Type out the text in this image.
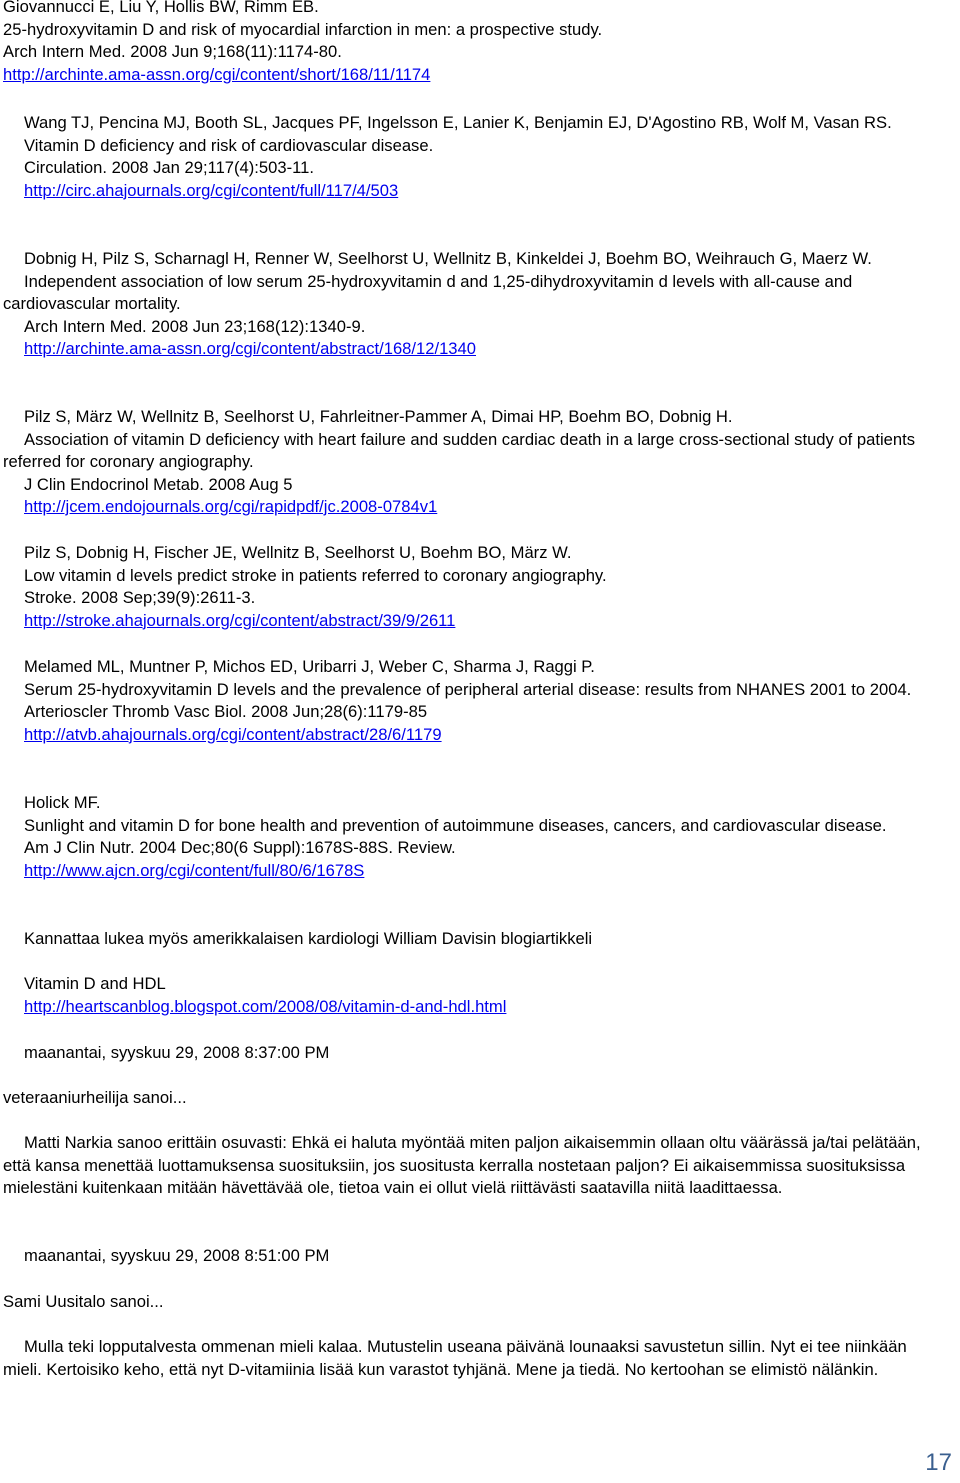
Giovannucci E, Liu Y, Hollis BW, Rimm EB.
25-hydroxyvitamin D and risk of myocardial infarction in men: a prospective study.
Arch Intern Med. 2008 Jun 9;168(11):1174-80.
http://archinte.ama-assn.org/cgi/content/short/168/11/1174
Wang TJ, Pencina MJ, Booth SL, Jacques PF, Ingelsson E, Lanier K, Benjamin EJ, D'Agostino RB, Wolf M, Vasan RS.
Vitamin D deficiency and risk of cardiovascular disease.
Circulation. 2008 Jan 29;117(4):503-11.
http://circ.ahajournals.org/cgi/content/full/117/4/503
Dobnig H, Pilz S, Scharnagl H, Renner W, Seelhorst U, Wellnitz B, Kinkeldei J, Boehm BO, Weihrauch G, Maerz W.
Independent association of low serum 25-hydroxyvitamin d and 1,25-dihydroxyvitamin d levels with all-cause and cardiovascular mortality.
Arch Intern Med. 2008 Jun 23;168(12):1340-9.
http://archinte.ama-assn.org/cgi/content/abstract/168/12/1340
Pilz S, März W, Wellnitz B, Seelhorst U, Fahrleitner-Pammer A, Dimai HP, Boehm BO, Dobnig H.
Association of vitamin D deficiency with heart failure and sudden cardiac death in a large cross-sectional study of patients referred for coronary angiography.
J Clin Endocrinol Metab. 2008 Aug 5
http://jcem.endojournals.org/cgi/rapidpdf/jc.2008-0784v1
Pilz S, Dobnig H, Fischer JE, Wellnitz B, Seelhorst U, Boehm BO, März W.
Low vitamin d levels predict stroke in patients referred to coronary angiography.
Stroke. 2008 Sep;39(9):2611-3.
http://stroke.ahajournals.org/cgi/content/abstract/39/9/2611
Melamed ML, Muntner P, Michos ED, Uribarri J, Weber C, Sharma J, Raggi P.
Serum 25-hydroxyvitamin D levels and the prevalence of peripheral arterial disease: results from NHANES 2001 to 2004.
Arterioscler Thromb Vasc Biol. 2008 Jun;28(6):1179-85
http://atvb.ahajournals.org/cgi/content/abstract/28/6/1179
Holick MF.
Sunlight and vitamin D for bone health and prevention of autoimmune diseases, cancers, and cardiovascular disease.
Am J Clin Nutr. 2004 Dec;80(6 Suppl):1678S-88S. Review.
http://www.ajcn.org/cgi/content/full/80/6/1678S
Kannattaa lukea myös amerikkalaisen kardiologi William Davisin blogiartikkeli
Vitamin D and HDL
http://heartscanblog.blogspot.com/2008/08/vitamin-d-and-hdl.html
maanantai, syyskuu 29, 2008 8:37:00 PM
veteraaniurheilija sanoi...
Matti Narkia sanoo erittäin osuvasti: Ehkä ei haluta myöntää miten paljon aikaisemmin ollaan oltu väärässä ja/tai pelätään, että kansa menettää luottamuksensa suosituksiin, jos suositusta kerralla nostetaan paljon? Ei aikaisemmissa suosituksissa mielestäni kuitenkaan mitään hävettävää ole, tietoa vain ei ollut vielä riittävästi saatavilla niitä laadittaessa.
maanantai, syyskuu 29, 2008 8:51:00 PM
Sami Uusitalo sanoi...
Mulla teki lopputalvesta ommenan mieli kalaa. Mutustelin useana päivänä lounaaksi savustetun sillin. Nyt ei tee niinkään mieli. Kertoisiko keho, että nyt D-vitamiinia lisää kun varastot tyhjänä. Mene ja tiedä. No kertoohan se elimistö nälänkin.
17
